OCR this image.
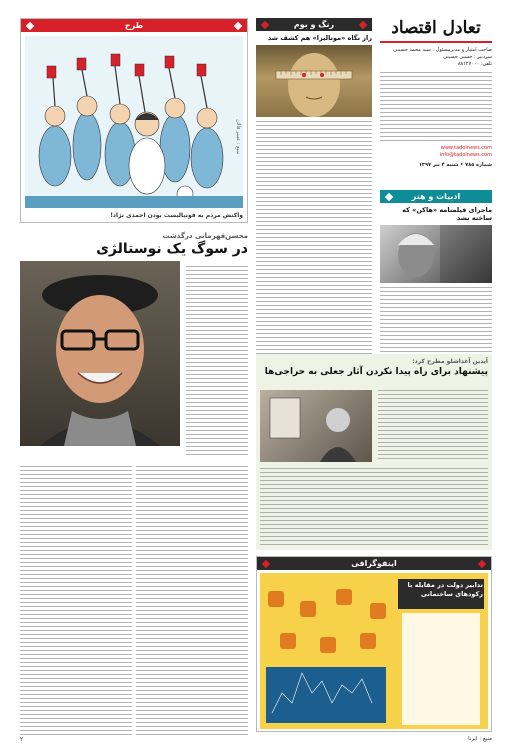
طرح
واکنش مردم به فوتبالیست بودن احمدی نژاد!
منبع : عسر قالان
رنگ و بوم
راز نگاه «مونالیزا» هم کشف شد	تعادل اقتصاد
صاحب امتیاز و مدیرمسئول : سید محمد حسینی
سردبیر : حسین حسینی
تلفن: ۸۸۱۲۷۰۰۰
www.tadolnews.com
info@tadolnews.com
شماره ۷۸۵ • شنبه ۴ تیر ۱۳۹۷
ادبیات و هنر
ماجرای فیلمنامه «هاکن» که ساخته نشد
محسن‌قهرمانی درگذشت
در سوگ یک نوستالژی
آیدین آغداشلو مطرح کرد:
پیشنهاد برای راه پیدا نکردن آثار جعلی به حراجی‌ها
اینفوگرافی
تدابیر دولت در مقابله با رکودهای ساختمانی
منبع : ایرنا
۲
